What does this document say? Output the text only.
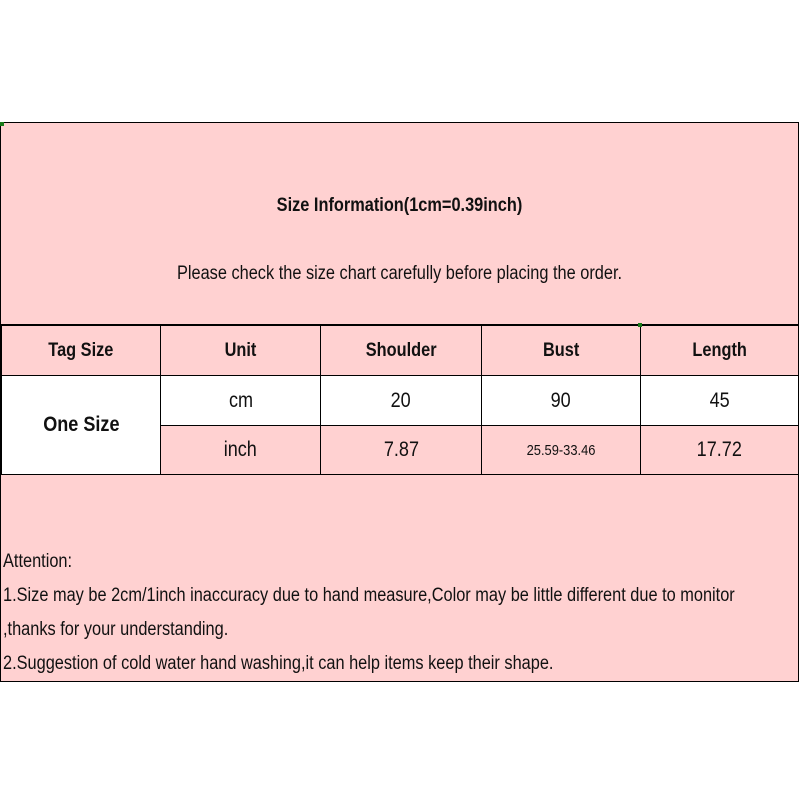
Size Information(1cm=0.39inch)
Please check the size chart carefully before placing the order.
Tag Size	Unit	Shoulder	Bust	Length
One Size	cm	20	90	45
	inch	7.87	25.59-33.46	17.72
Attention:
1.Size may be 2cm/1inch inaccuracy due to hand measure,Color may be little different due to monitor
,thanks for your understanding.
2.Suggestion of cold water hand washing,it can help items keep their shape.
